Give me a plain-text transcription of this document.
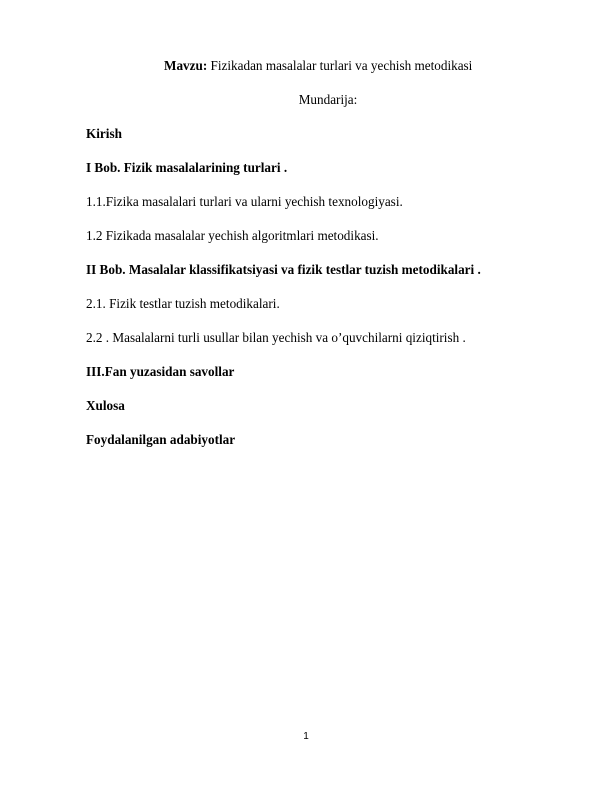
Mavzu: Fizikadan masalalar turlari va yechish metodikasi
Mundarija:
Kirish
I Bob. Fizik masalalarining turlari .
1.1.Fizika masalalari turlari va ularni yechish texnologiyasi.
1.2 Fizikada masalalar yechish algoritmlari metodikasi.
II Bob. Masalalar klassifikatsiyasi va fizik testlar tuzish metodikalari .
2.1. Fizik testlar tuzish metodikalari.
2.2 . Masalalarni turli usullar bilan yechish va o’quvchilarni qiziqtirish .
III.Fan yuzasidan savollar
Xulosa
Foydalanilgan adabiyotlar
1
